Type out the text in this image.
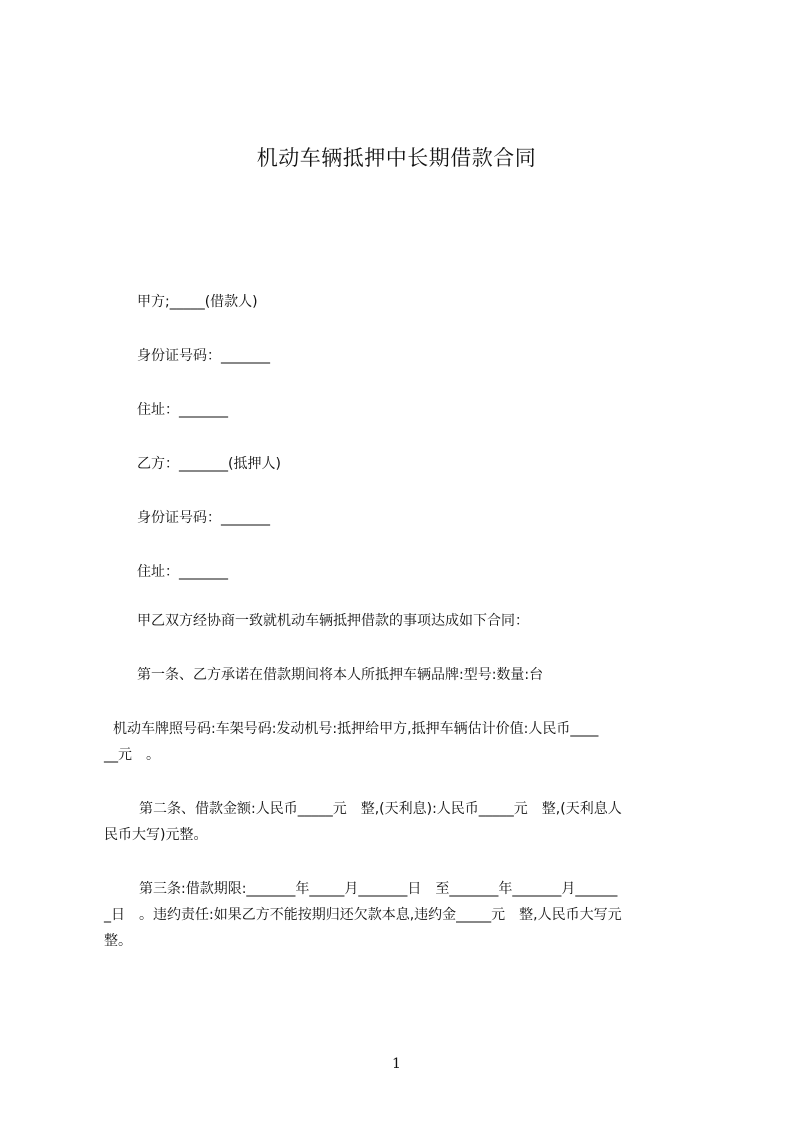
机动车辆抵押中长期借款合同
甲方;_____(借款人)
身份证号码：_______
住址：_______
乙方：_______(抵押人)
身份证号码：_______
住址：_______
甲乙双方经协商一致就机动车辆抵押借款的事项达成如下合同：
第一条、乙方承诺在借款期间将本人所抵押车辆品牌:型号:数量:台
机动车牌照号码:车架号码:发动机号:抵押给甲方,抵押车辆估计价值:人民币____
__元　。
第二条、借款金额:人民币_____元　整,(天利息):人民币_____元　整,(天利息人
民币大写)元整。
第三条:借款期限:_______年_____月_______日　至_______年_______月______
_日　。违约责任:如果乙方不能按期归还欠款本息,违约金_____元　整,人民币大写元
整。
1
